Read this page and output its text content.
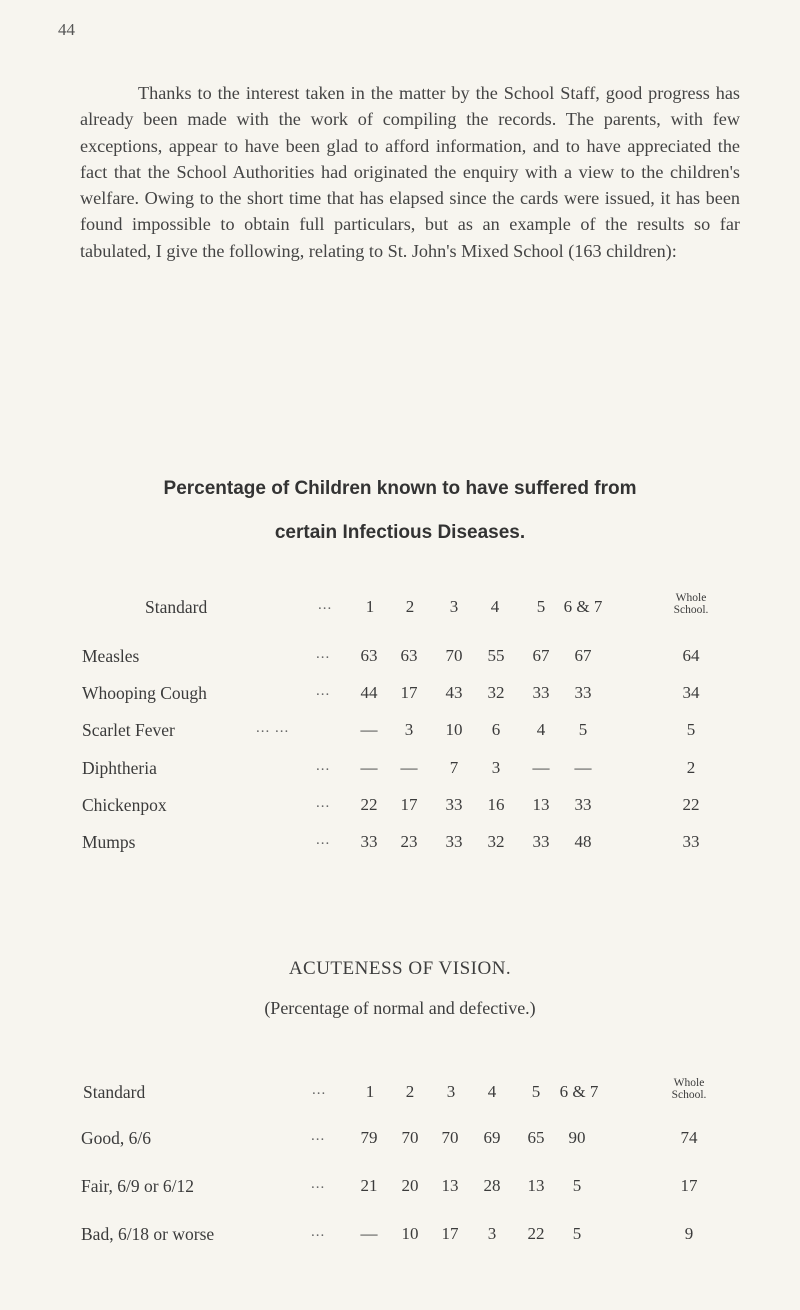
44

Thanks to the interest taken in the matter by the School Staff, good progress has already been made with the work of compiling the records. The parents, with few exceptions, appear to have been glad to afford information, and to have appreciated the fact that the School Authorities had originated the enquiry with a view to the children's welfare. Owing to the short time that has elapsed since the cards were issued, it has been found impossible to obtain full particulars, but as an example of the results so far tabulated, I give the following, relating to St. John's Mixed School (163 children):

Percentage of Children known to have suffered from
certain Infectious Diseases.
Standard	...	1	2	3	4	5	6 & 7	Whole
School.
Measles	...	63	63	70	55	67	67	64
Whooping Cough	...	44	17	43	32	33	33	34
Scarlet Fever	... ...	—	3	10	6	4	5	5
Diphtheria	...	—	—	7	3	—	—	2
Chickenpox	...	22	17	33	16	13	33	22
Mumps	...	33	23	33	32	33	48	33
ACUTENESS OF VISION.
(Percentage of normal and defective.)
Standard	...	1	2	3	4	5	6 & 7	Whole
School.
Good, 6/6	...	79	70	70	69	65	90	74
Fair, 6/9 or 6/12	...	21	20	13	28	13	5	17
Bad, 6/18 or worse	...	—	10	17	3	22	5	9
